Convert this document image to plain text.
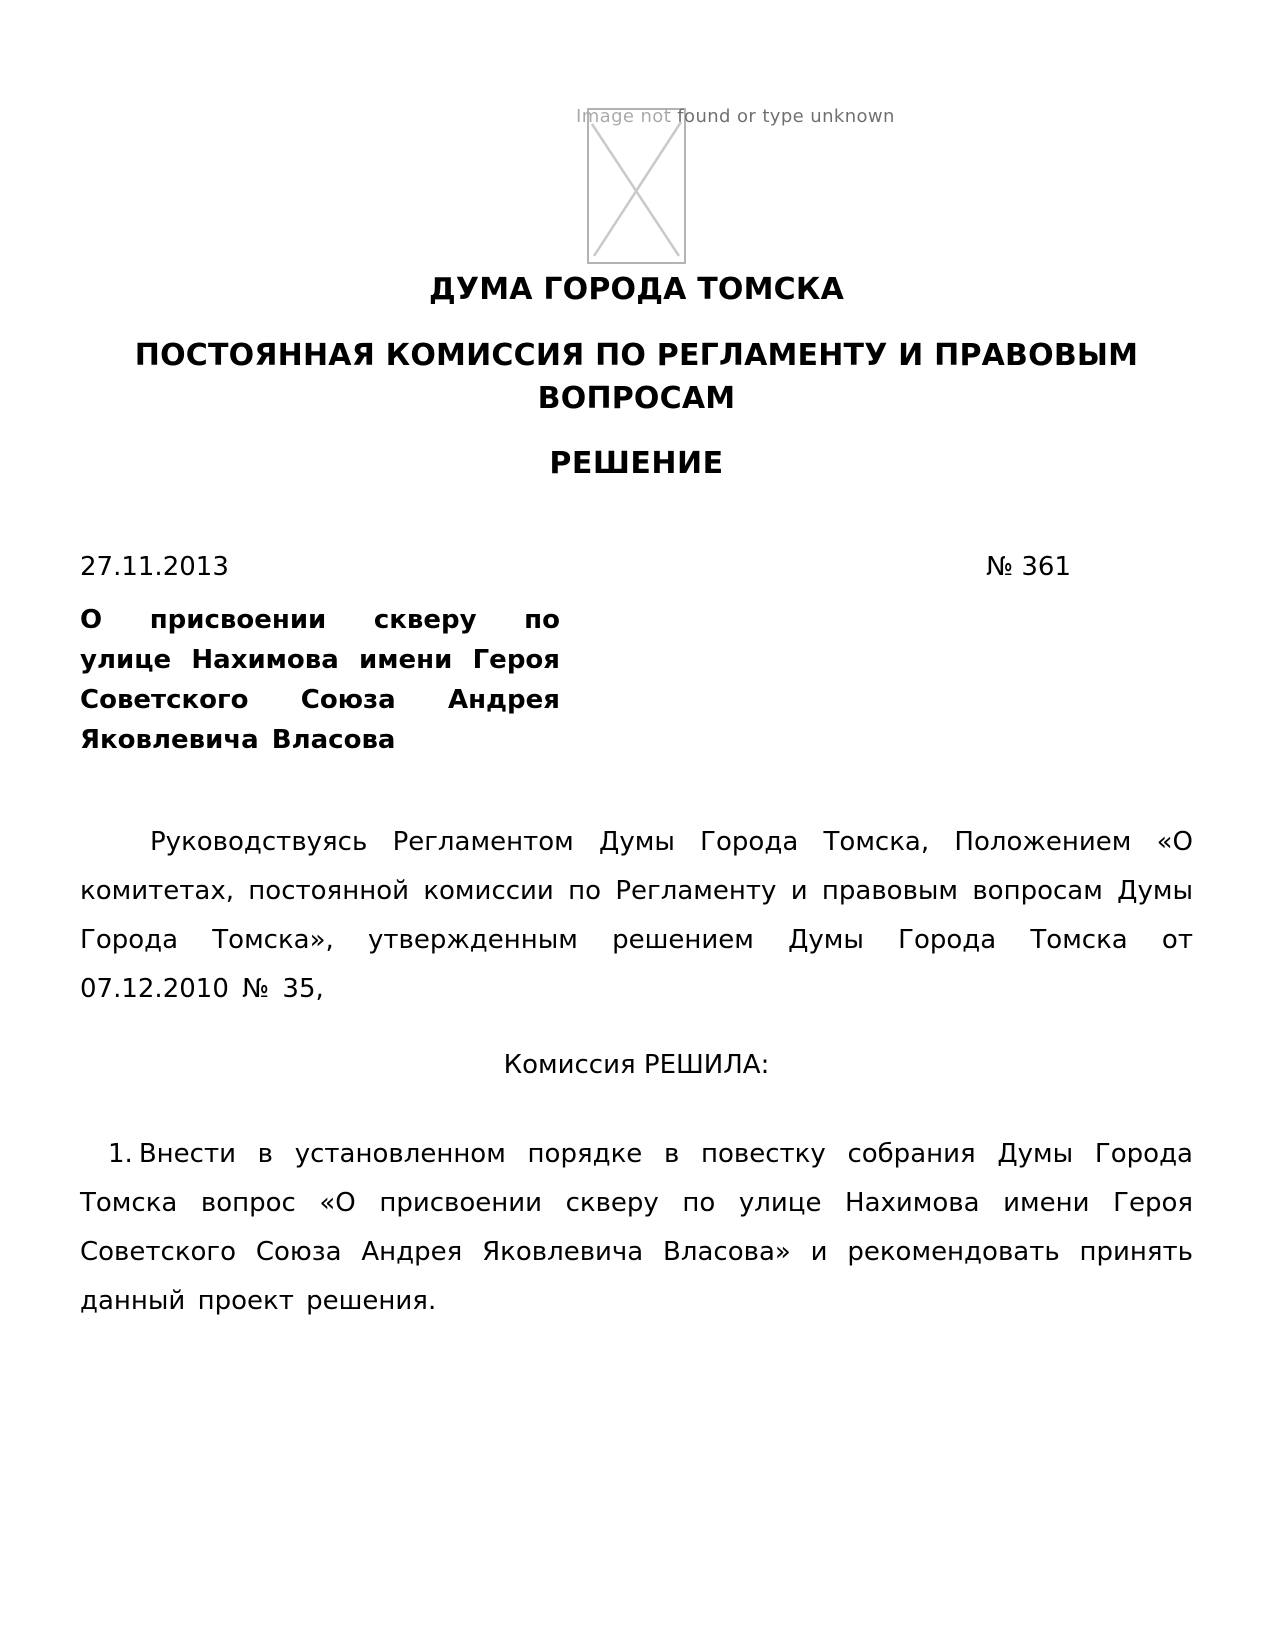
Image not found or type unknown
ДУМА ГОРОДА ТОМСКА
ПОСТОЯННАЯ КОМИССИЯ ПО РЕГЛАМЕНТУ И ПРАВОВЫМ ВОПРОСАМ
РЕШЕНИЕ
27.11.2013	№ 361
О присвоении скверу по улице Нахимова имени Героя Советского Союза Андрея Яковлевича Власова

Руководствуясь Регламентом Думы Города Томска, Положением «О комитетах, постоянной комиссии по Регламенту и правовым вопросам Думы Города Томска», утвержденным решением Думы Города Томска от 07.12.2010 № 35,

Комиссия РЕШИЛА:

1. Внести в установленном порядке в повестку собрания Думы Города Томска вопрос «О присвоении скверу по улице Нахимова имени Героя Советского Союза Андрея Яковлевича Власова» и рекомендовать принять данный проект решения.
